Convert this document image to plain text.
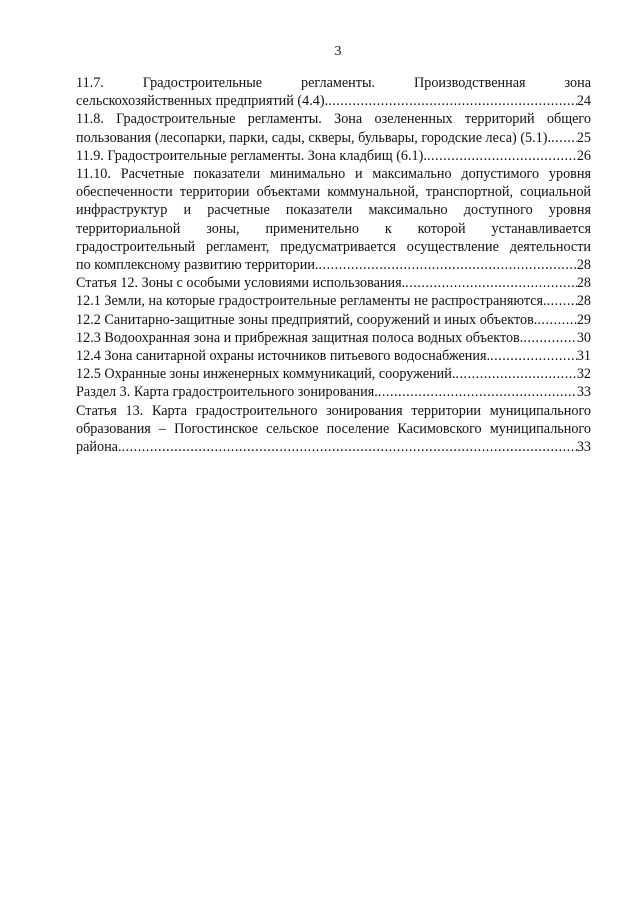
3
11.7. Градостроительные регламенты. Производственная зона
сельскохозяйственных предприятий (4.4). .....	24
11.8. Градостроительные регламенты. Зона озелененных территорий общего
пользования (лесопарки, парки, сады, скверы, бульвары, городские леса) (5.1). ..... 25
11.9. Градостроительные регламенты. Зона кладбищ (6.1). .....	26
11.10. Расчетные показатели минимально и максимально допустимого уровня
обеспеченности территории объектами коммунальной, транспортной, социальной
инфраструктур и расчетные показатели максимально доступного уровня
территориальной зоны, применительно к которой устанавливается
градостроительный регламент, предусматривается осуществление деятельности
по комплексному развитию территории. .....	28
Статья 12. Зоны с особыми условиями использования. .....	28
12.1 Земли, на которые градостроительные регламенты не распространяются. ..... 28
12.2 Санитарно-защитные зоны предприятий, сооружений и иных объектов. .....	29
12.3 Водоохранная зона и прибрежная защитная полоса водных объектов. .....	30
12.4 Зона санитарной охраны источников питьевого водоснабжения. .....	31
12.5 Охранные зоны инженерных коммуникаций, сооружений. .....	32
Раздел 3. Карта градостроительного зонирования. .....	33
Статья 13. Карта градостроительного зонирования территории муниципального
образования – Погостинское сельское поселение Касимовского муниципального
района. .....	33
